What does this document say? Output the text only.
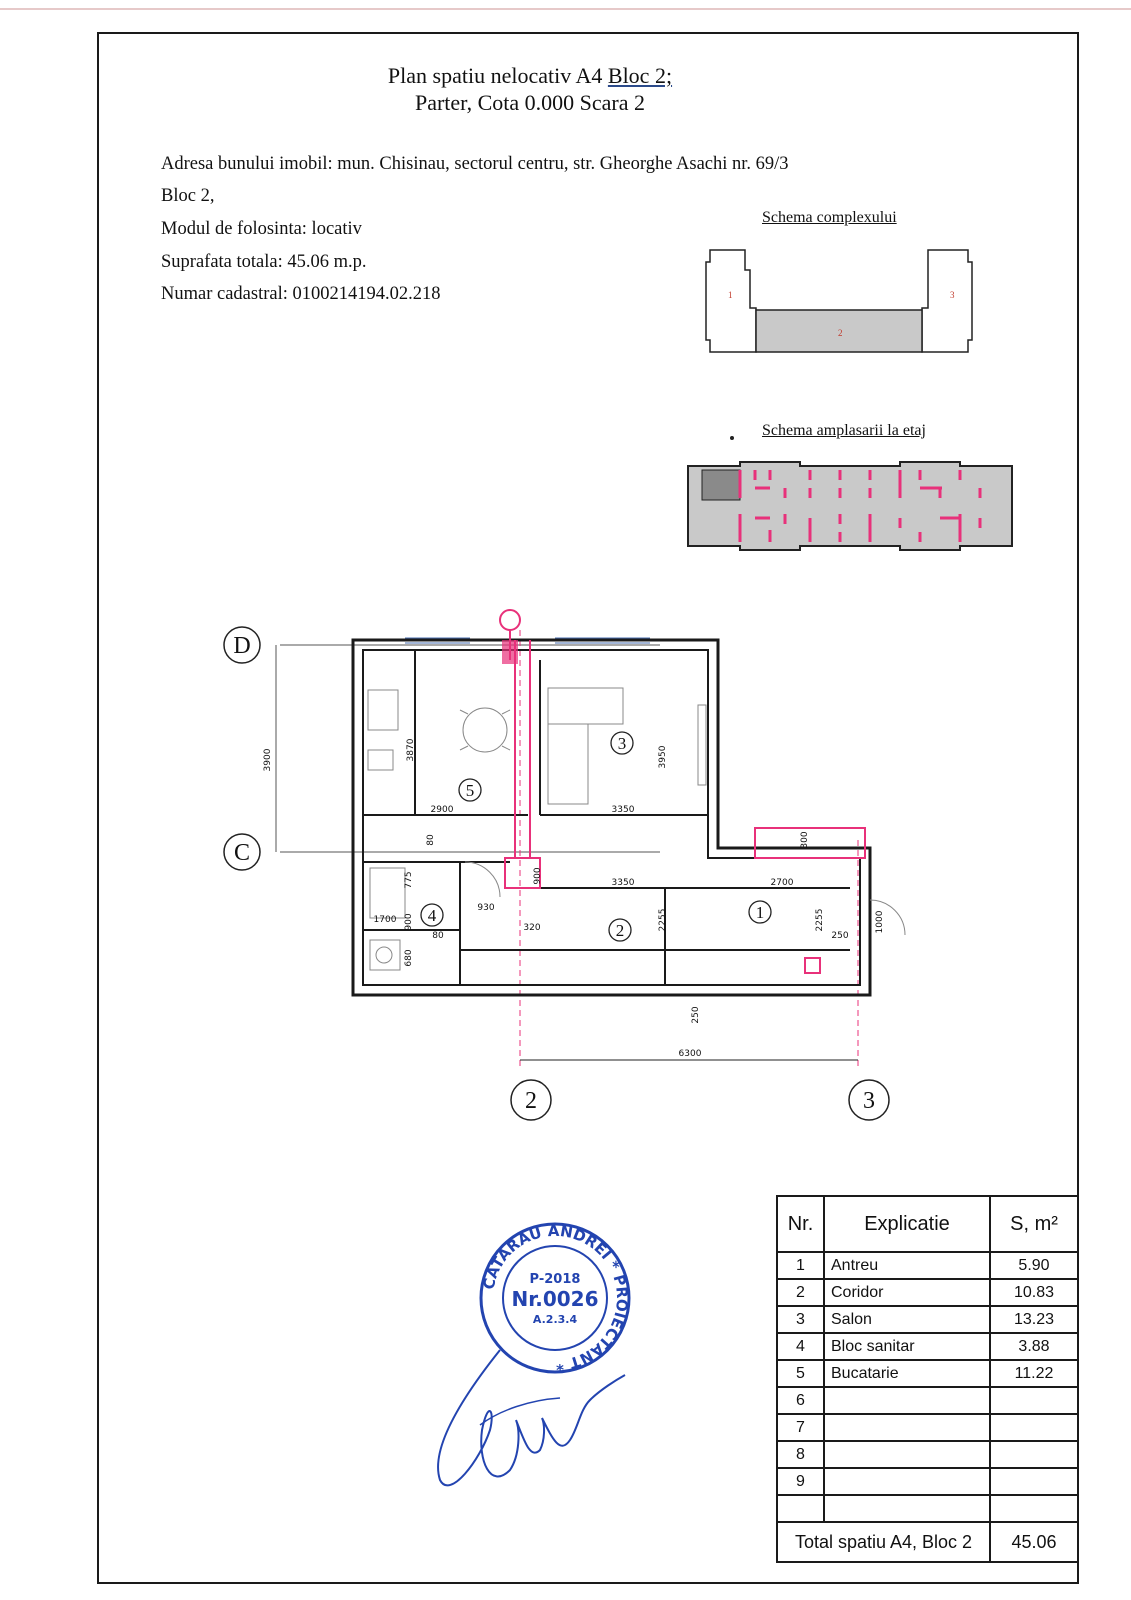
Plan spatiu nelocativ A4 Bloc 2;
Parter, Cota 0.000 Scara 2
Adresa bunului imobil: mun. Chisinau, sectorul centru, str. Gheorghe Asachi nr. 69/3
Bloc 2,
Modul de folosinta: locativ
Suprafata totala: 45.06 m.p.
Numar cadastral: 0100214194.02.218
Schema complexului
Schema amplasarii la etaj
1
2
3
D
C
2	3
3
5
4
2
1
3900	3870	3950
2900	3350
3350	2700
300
80
775	900
930
320
1700 900
80
680
2255	2255
250
1000
250
6300
CATARAU ANDREI * PROIECTANT *
P-2018
Nr.0026
A.2.3.4
Nr.	Explicatie	S, m²
1	Antreu	5.90
2	Coridor	10.83
3	Salon	13.23
4	Bloc sanitar	3.88
5	Bucatarie	11.22
6		
7		
8		
9		

Total spatiu A4, Bloc 2		45.06
